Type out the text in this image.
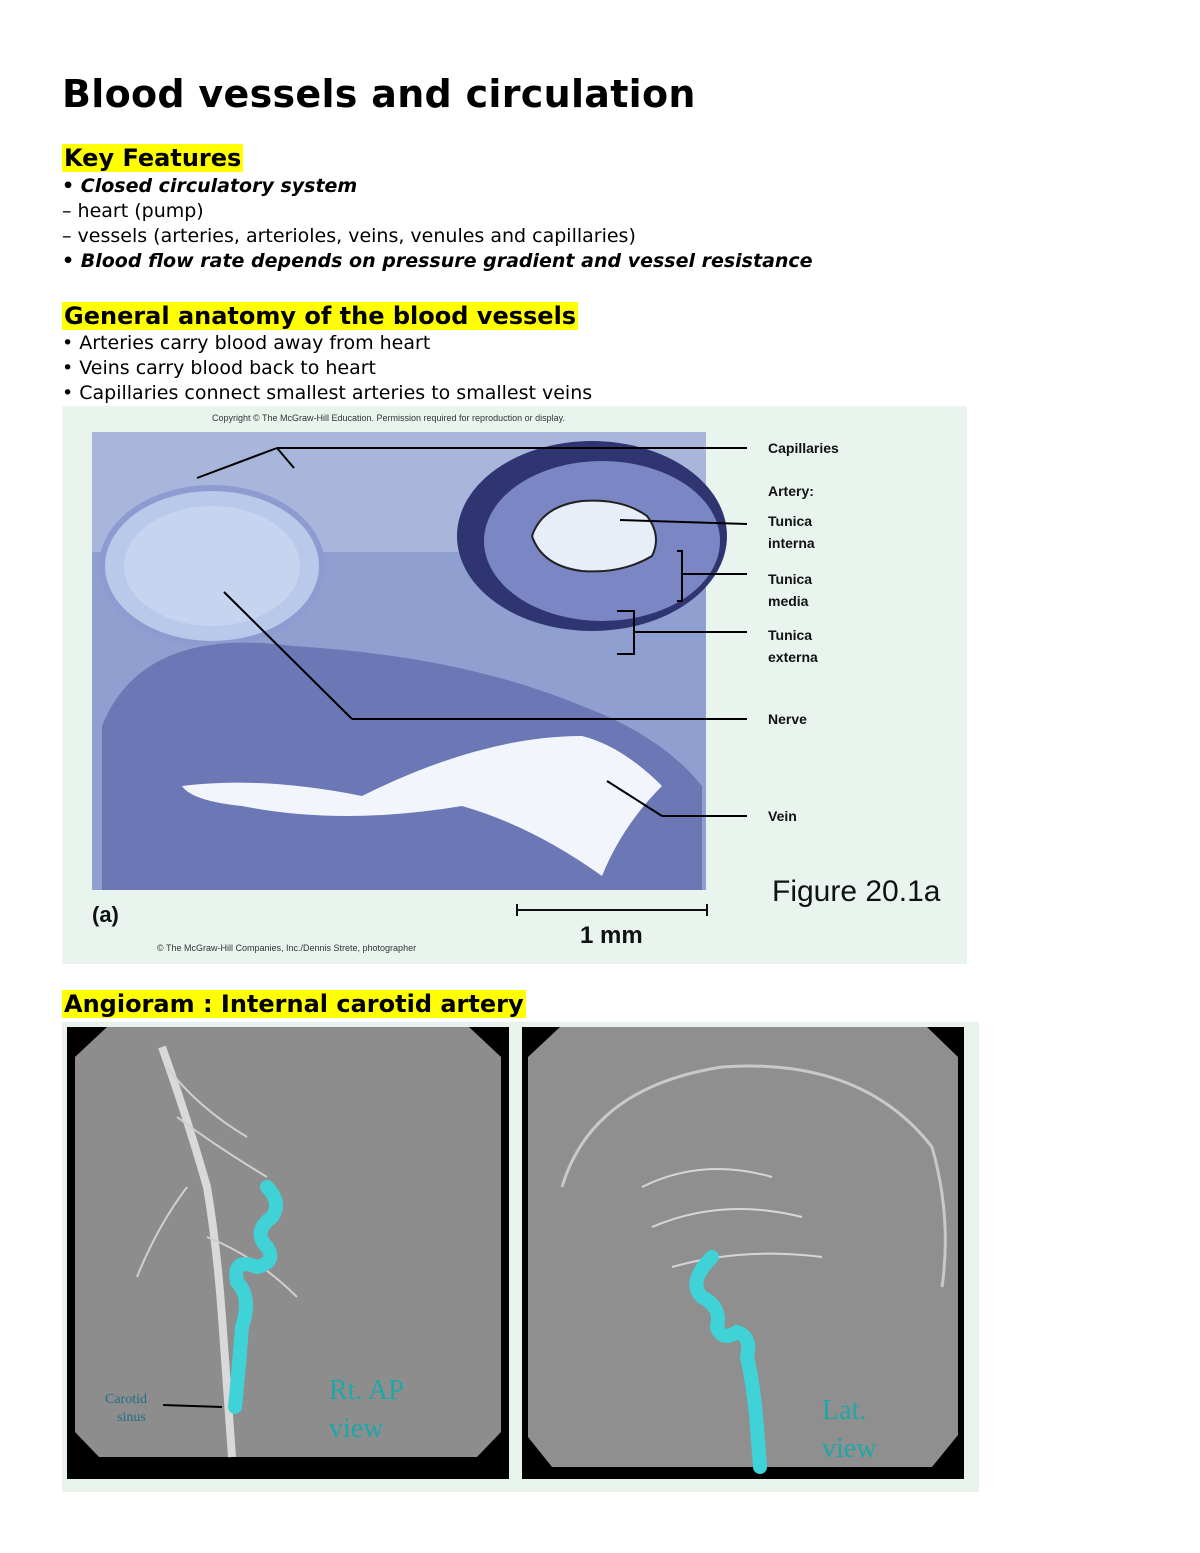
Blood vessels and circulation
Key Features

• Closed circulatory system

– heart (pump)

– vessels (arteries, arterioles, veins, venules and capillaries)

• Blood flow rate depends on pressure gradient and vessel resistance

General anatomy of the blood vessels

• Arteries carry blood away from heart

• Veins carry blood back to heart

• Capillaries connect smallest arteries to smallest veins

Copyright © The McGraw-Hill Education. Permission required for reproduction or display.
Capillaries
Artery:
Tunica
interna
Tunica
media
Tunica
externa
Nerve
Vein
(a)
Figure 20.1a
1 mm
© The McGraw-Hill Companies, Inc./Dennis Strete, photographer
Angioram : Internal carotid artery
Carotid
sinus
Rt. AP
view
Lat.
view
